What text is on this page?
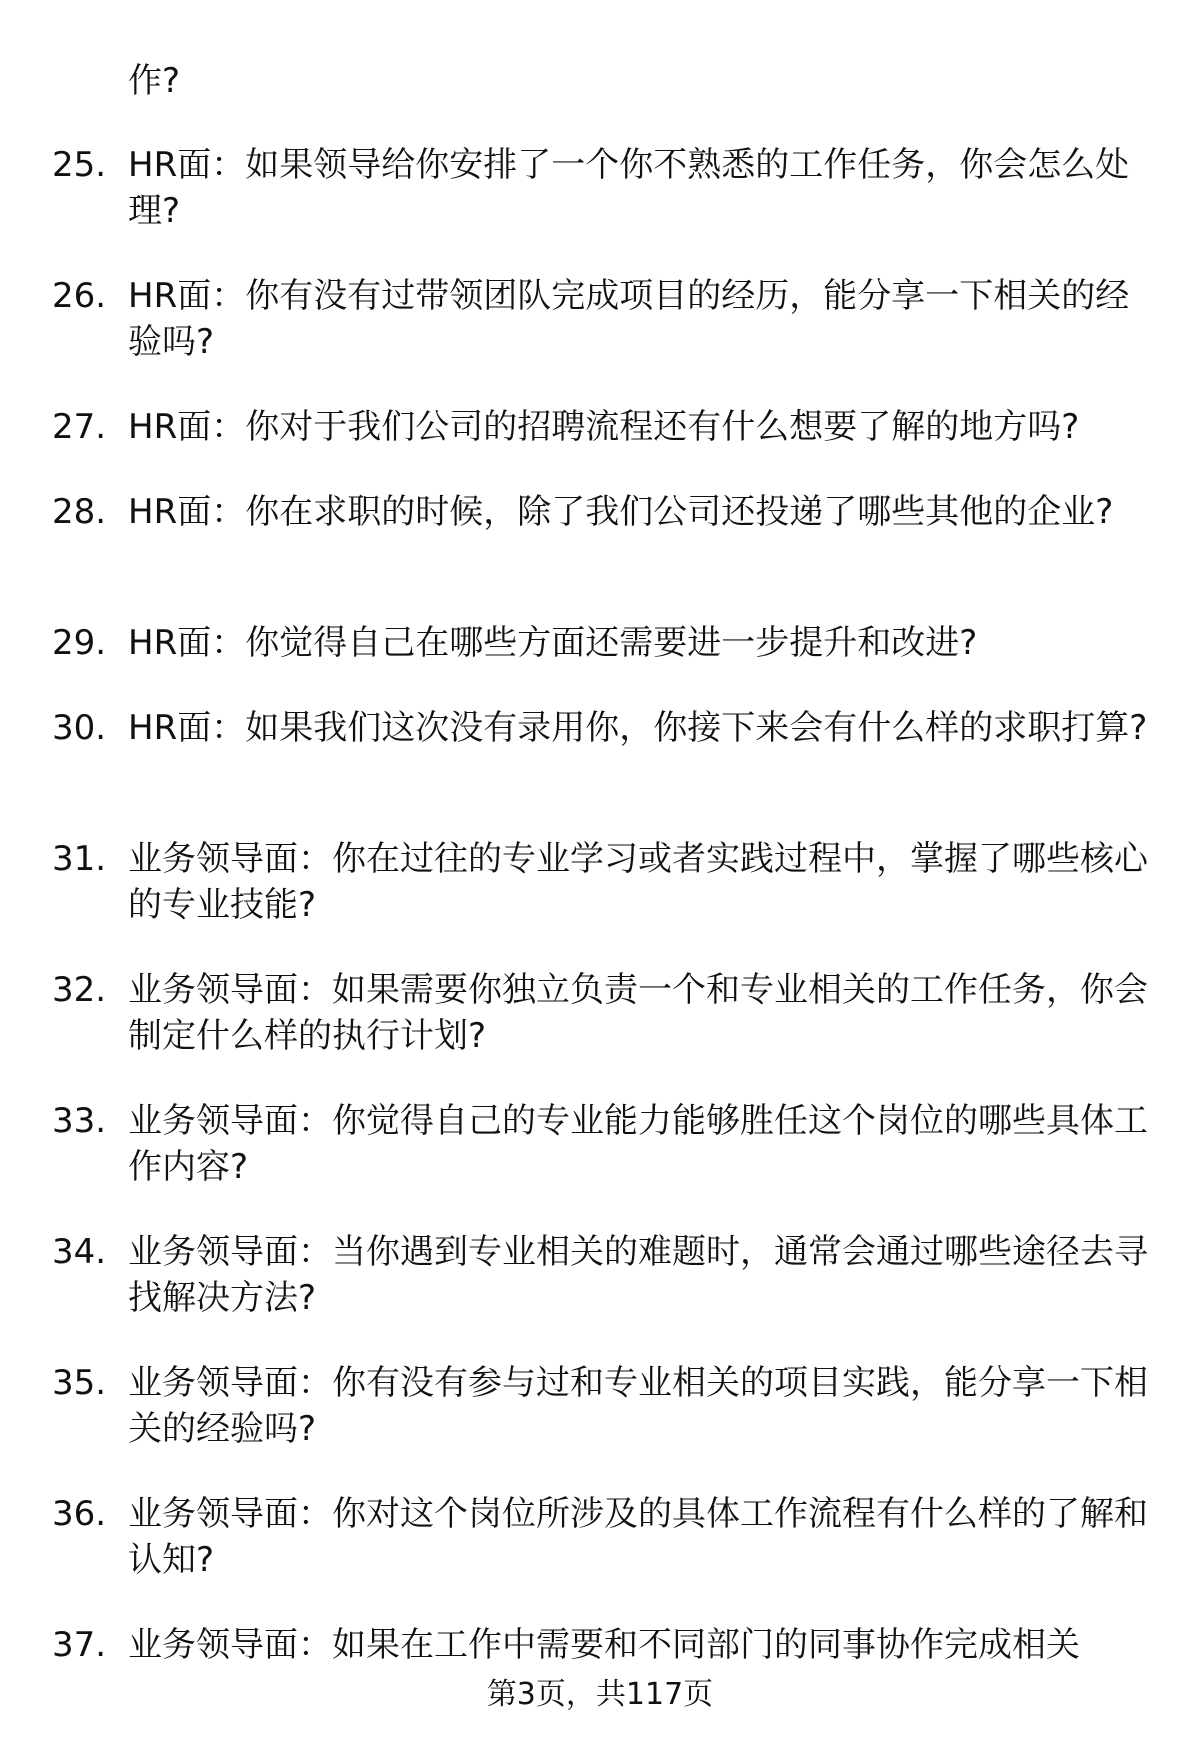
作?
25. HR面：如果领导给你安排了一个你不熟悉的工作任务，你会怎么处理?
26. HR面：你有没有过带领团队完成项目的经历，能分享一下相关的经验吗?
27. HR面：你对于我们公司的招聘流程还有什么想要了解的地方吗?
28. HR面：你在求职的时候，除了我们公司还投递了哪些其他的企业?
29. HR面：你觉得自己在哪些方面还需要进一步提升和改进?
30. HR面：如果我们这次没有录用你，你接下来会有什么样的求职打算?
31. 业务领导面：你在过往的专业学习或者实践过程中，掌握了哪些核心的专业技能?
32. 业务领导面：如果需要你独立负责一个和专业相关的工作任务，你会制定什么样的执行计划?
33. 业务领导面：你觉得自己的专业能力能够胜任这个岗位的哪些具体工作内容?
34. 业务领导面：当你遇到专业相关的难题时，通常会通过哪些途径去寻找解决方法?
35. 业务领导面：你有没有参与过和专业相关的项目实践，能分享一下相关的经验吗?
36. 业务领导面：你对这个岗位所涉及的具体工作流程有什么样的了解和认知?
37. 业务领导面：如果在工作中需要和不同部门的同事协作完成相关
第3页，共117页
